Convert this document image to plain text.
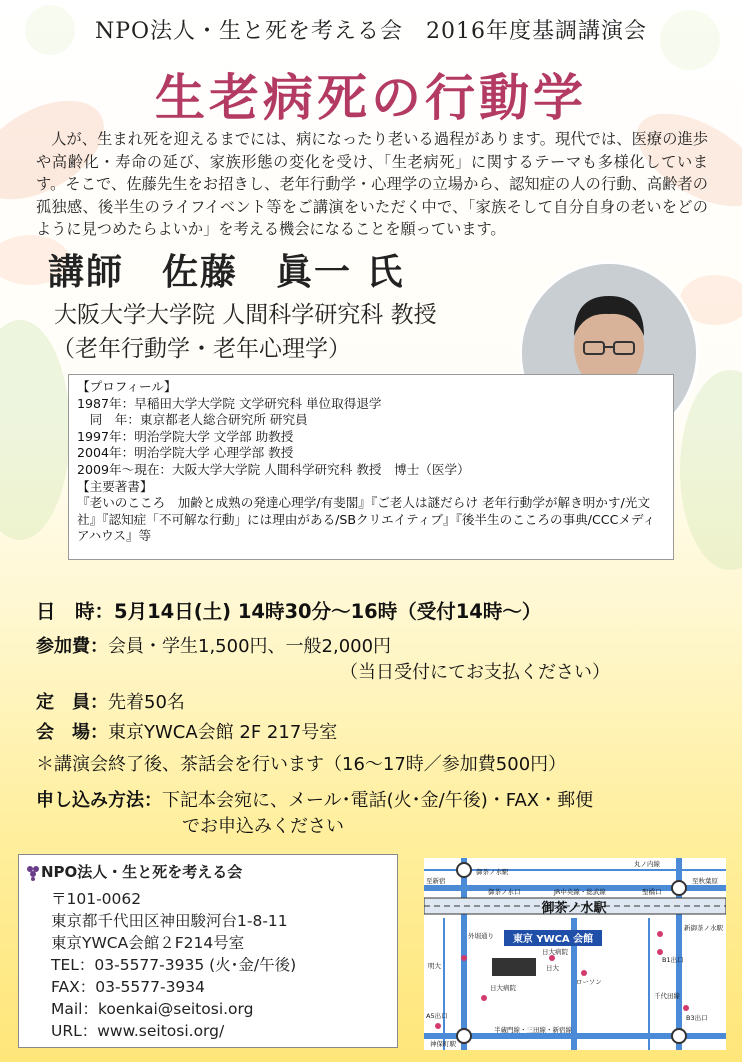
NPO法人・生と死を考える会　2016年度基調講演会
生老病死の行動学
人が、生まれ死を迎えるまでには、病になったり老いる過程があります。現代では、医療の進歩や高齢化・寿命の延び、家族形態の変化を受け、「生老病死」に関するテーマも多様化しています。そこで、佐藤先生をお招きし、老年行動学・心理学の立場から、認知症の人の行動、高齢者の孤独感、後半生のライフイベント等をご講演をいただく中で、「家族そして自分自身の老いをどのように見つめたらよいか」を考える機会になることを願っています。
講師　佐藤　眞一 氏
大阪大学大学院 人間科学研究科 教授
（老年行動学・老年心理学）
【プロフィール】
1987年：早稲田大学大学院 文学研究科 単位取得退学
　同　年：東京都老人総合研究所 研究員
1997年：明治学院大学 文学部 助教授
2004年：明治学院大学 心理学部 教授
2009年～現在：大阪大学大学院 人間科学研究科 教授　博士（医学）
【主要著書】
『老いのこころ　加齢と成熟の発達心理学/有斐閣』『ご老人は謎だらけ 老年行動学が解き明かす/光文社』『認知症「不可解な行動」には理由がある/SBクリエイティブ』『後半生のこころの事典/CCCメディアハウス』等
日　時：5月14日(土) 14時30分～16時（受付14時～）
参加費：会員・学生1,500円、一般2,000円
（当日受付にてお支払ください）
定　員：先着50名
会　場：東京YWCA会館 2F 217号室
＊講演会終了後、茶話会を行います（16～17時／参加費500円）
申し込み方法：下記本会宛に、メール･電話(火･金/午後)・FAX・郵便
でお申込みください
NPO法人・生と死を考える会
〒101-0062
東京都千代田区神田駿河台1-8-11
東京YWCA会館２F214号室
TEL：03-5577-3935 (火･金/午後)
FAX：03-5577-3934
Mail：koenkai@seitosi.org
URL：www.seitosi.org/
御茶ノ水駅
東京 YWCA 会館
御茶ノ水駅
丸ノ内線
至新宿
御茶ノ水口	JR中央線・総武線	聖橋口
至秋葉原
明大
日大病院
日大
日大病院
ローソン
A5出口
神保町駅
半蔵門線・三田線・新宿線
新御茶ノ水駅
B1出口
B3出口
千代田線
外堀通り
